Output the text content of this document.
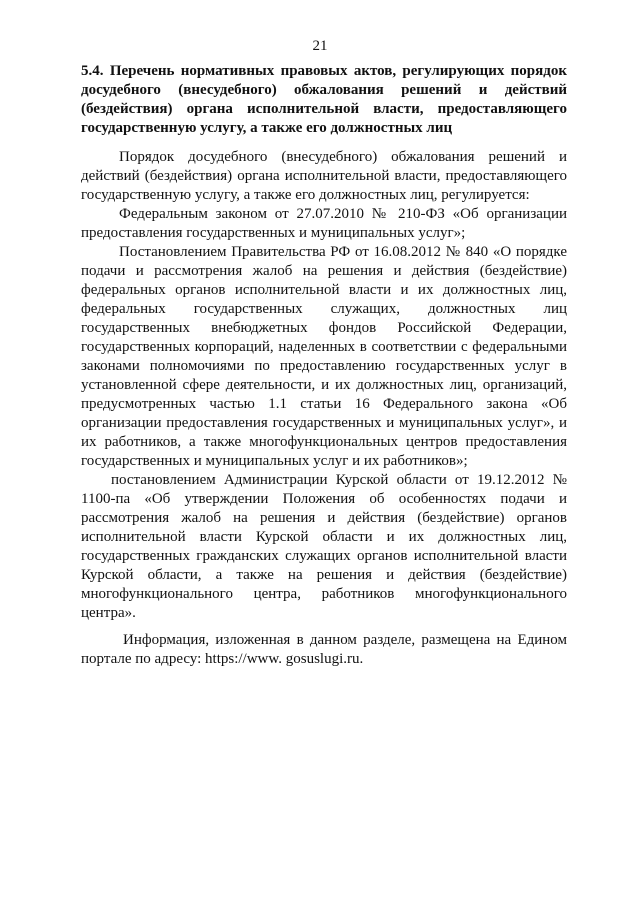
21
5.4. Перечень нормативных правовых актов, регулирующих порядок досудебного (внесудебного) обжалования решений и действий (бездействия) органа исполнительной власти, предоставляющего государственную услугу, а также его должностных лиц

Порядок досудебного (внесудебного) обжалования решений и действий (бездействия) органа исполнительной власти, предоставляющего государственную услугу, а также его должностных лиц, регулируется:

Федеральным законом от 27.07.2010 № 210-ФЗ «Об организации предоставления государственных и муниципальных услуг»;

Постановлением Правительства РФ от 16.08.2012 № 840 «О порядке подачи и рассмотрения жалоб на решения и действия (бездействие) федеральных органов исполнительной власти и их должностных лиц, федеральных государственных служащих, должностных лиц государственных внебюджетных фондов Российской Федерации, государственных корпораций, наделенных в соответствии с федеральными законами полномочиями по предоставлению государственных услуг в установленной сфере деятельности, и их должностных лиц, организаций, предусмотренных частью 1.1 статьи 16 Федерального закона «Об организации предоставления государственных и муниципальных услуг», и их работников, а также многофункциональных центров предоставления государственных и муниципальных услуг и их работников»;

постановлением Администрации Курской области от 19.12.2012 № 1100-па «Об утверждении Положения об особенностях подачи и рассмотрения жалоб на решения и действия (бездействие) органов исполнительной власти Курской области и их должностных лиц, государственных гражданских служащих органов исполнительной власти Курской области, а также на решения и действия (бездействие) многофункционального центра, работников многофункционального центра».

Информация, изложенная в данном разделе, размещена на Едином портале по адресу: https://www. gosuslugi.ru.
